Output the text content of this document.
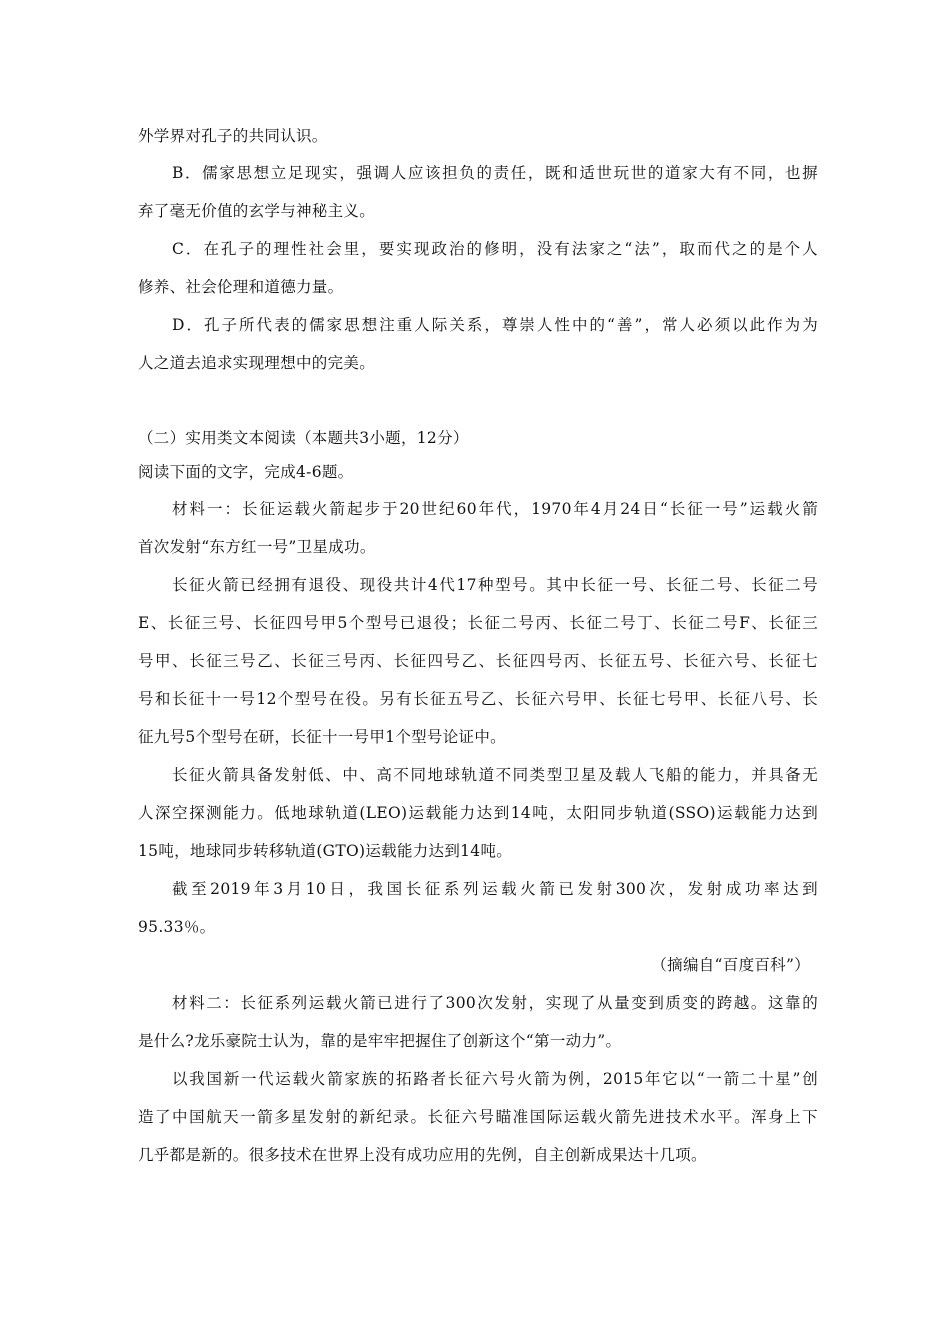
外学界对孔子的共同认识。
B．儒家思想立足现实，强调人应该担负的责任，既和适世玩世的道家大有不同，也摒
弃了毫无价值的玄学与神秘主义。
C．在孔子的理性社会里，要实现政治的修明，没有法家之“法”，取而代之的是个人
修养、社会伦理和道德力量。
D．孔子所代表的儒家思想注重人际关系，尊崇人性中的“善”，常人必须以此作为为
人之道去追求实现理想中的完美。
（二）实用类文本阅读（本题共3小题，12分）
阅读下面的文字，完成4-6题。
材料一：长征运载火箭起步于20世纪60年代，1970年4月24日“长征一号”运载火箭
首次发射“东方红一号”卫星成功。
长征火箭已经拥有退役、现役共计4代17种型号。其中长征一号、长征二号、长征二号
E、长征三号、长征四号甲5个型号已退役；长征二号丙、长征二号丁、长征二号F、长征三
号甲、长征三号乙、长征三号丙、长征四号乙、长征四号丙、长征五号、长征六号、长征七
号和长征十一号12个型号在役。另有长征五号乙、长征六号甲、长征七号甲、长征八号、长
征九号5个型号在研，长征十一号甲1个型号论证中。
长征火箭具备发射低、中、高不同地球轨道不同类型卫星及载人飞船的能力，并具备无
人深空探测能力。低地球轨道(LEO)运载能力达到14吨，太阳同步轨道(SSO)运载能力达到
15吨，地球同步转移轨道(GTO)运载能力达到14吨。
截至2019年3月10日，我国长征系列运载火箭已发射300次，发射成功率达到
95.33％。
（摘编自“百度百科”）
材料二：长征系列运载火箭已进行了300次发射，实现了从量变到质变的跨越。这靠的
是什么?龙乐豪院士认为，靠的是牢牢把握住了创新这个“第一动力”。
以我国新一代运载火箭家族的拓路者长征六号火箭为例，2015年它以“一箭二十星”创
造了中国航天一箭多星发射的新纪录。长征六号瞄准国际运载火箭先进技术水平。浑身上下
几乎都是新的。很多技术在世界上没有成功应用的先例，自主创新成果达十几项。
